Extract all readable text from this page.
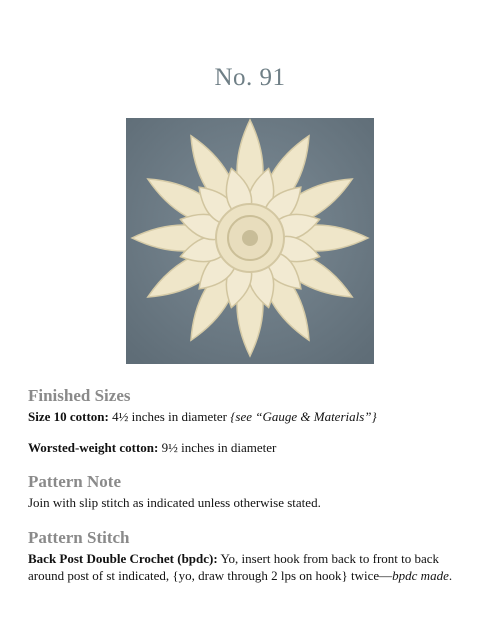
No. 91
Finished Sizes
Size 10 cotton: 4½ inches in diameter {see “Gauge & Materials”}
Worsted-weight cotton: 9½ inches in diameter
Pattern Note
Join with slip stitch as indicated unless otherwise stated.
Pattern Stitch
Back Post Double Crochet (bpdc): Yo, insert hook from back to front to back around post of st indicated, {yo, draw through 2 lps on hook} twice—bpdc made.
